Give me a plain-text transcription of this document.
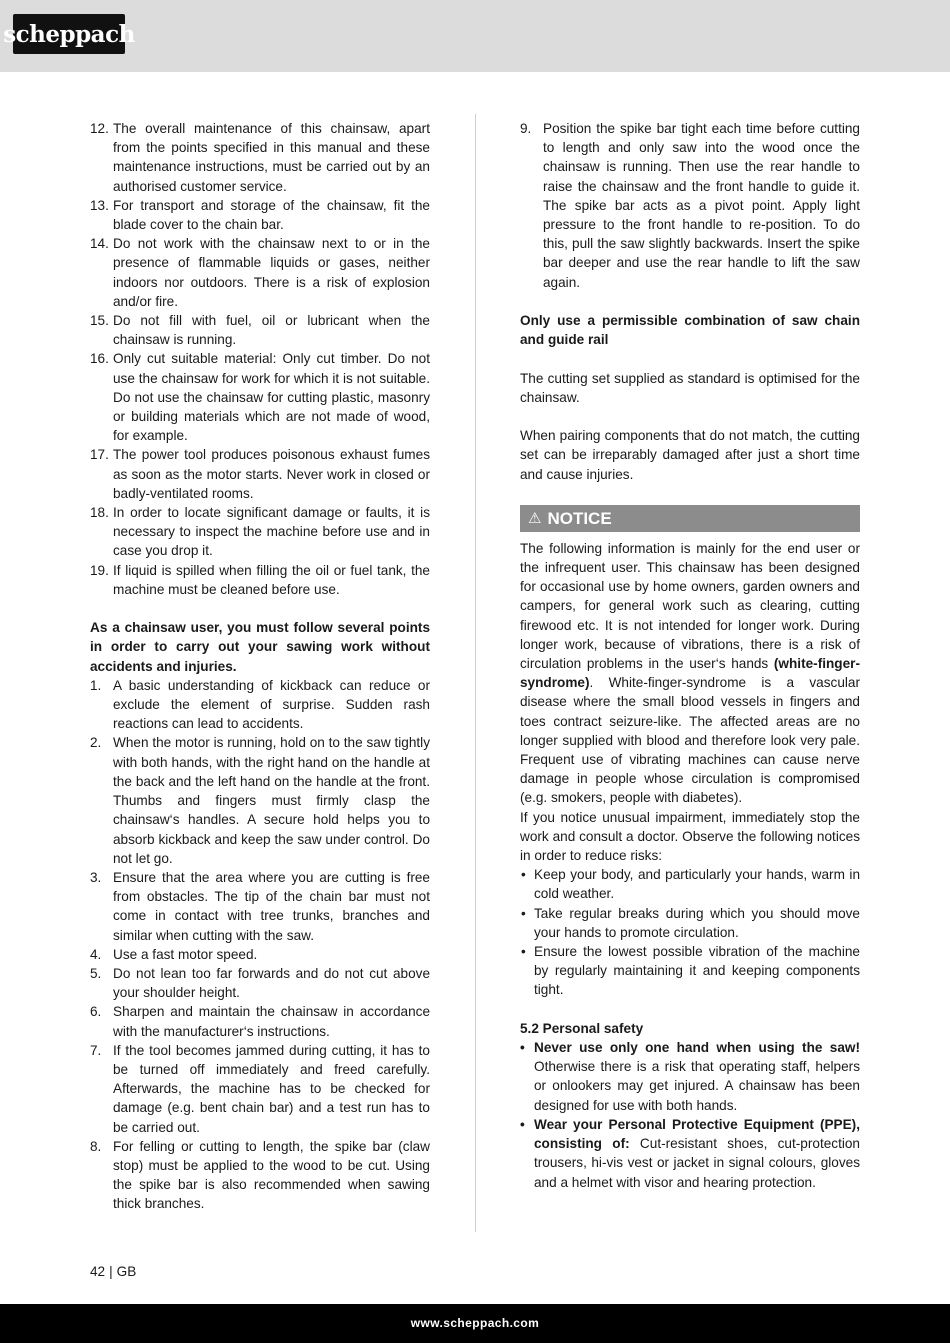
scheppach
12. The overall maintenance of this chainsaw, apart from the points specified in this manual and these maintenance instructions, must be carried out by an authorised customer service.
13. For transport and storage of the chainsaw, fit the blade cover to the chain bar.
14. Do not work with the chainsaw next to or in the presence of flammable liquids or gases, neither indoors nor outdoors. There is a risk of explosion and/or fire.
15. Do not fill with fuel, oil or lubricant when the chainsaw is running.
16. Only cut suitable material: Only cut timber. Do not use the chainsaw for work for which it is not suitable. Do not use the chainsaw for cutting plastic, masonry or building materials which are not made of wood, for example.
17. The power tool produces poisonous exhaust fumes as soon as the motor starts. Never work in closed or badly-ventilated rooms.
18. In order to locate significant damage or faults, it is necessary to inspect the machine before use and in case you drop it.
19. If liquid is spilled when filling the oil or fuel tank, the machine must be cleaned before use.

As a chainsaw user, you must follow several points in order to carry out your sawing work without accidents and injuries.

1. A basic understanding of kickback can reduce or exclude the element of surprise. Sudden rash reactions can lead to accidents.
2. When the motor is running, hold on to the saw tightly with both hands, with the right hand on the handle at the back and the left hand on the handle at the front. Thumbs and fingers must firmly clasp the chainsaw‘s handles. A secure hold helps you to absorb kickback and keep the saw under control. Do not let go.
3. Ensure that the area where you are cutting is free from obstacles. The tip of the chain bar must not come in contact with tree trunks, branches and similar when cutting with the saw.
4. Use a fast motor speed.
5. Do not lean too far forwards and do not cut above your shoulder height.
6. Sharpen and maintain the chainsaw in accordance with the manufacturer‘s instructions.
7. If the tool becomes jammed during cutting, it has to be turned off immediately and freed carefully. Afterwards, the machine has to be checked for damage (e.g. bent chain bar) and a test run has to be carried out.
8. For felling or cutting to length, the spike bar (claw stop) must be applied to the wood to be cut. Using the spike bar is also recommended when sawing thick branches.
9. Position the spike bar tight each time before cutting to length and only saw into the wood once the chainsaw is running. Then use the rear handle to raise the chainsaw and the front handle to guide it. The spike bar acts as a pivot point. Apply light pressure to the front handle to re-position. To do this, pull the saw slightly backwards. Insert the spike bar deeper and use the rear handle to lift the saw again.

Only use a permissible combination of saw chain and guide rail

The cutting set supplied as standard is optimised for the chainsaw.

When pairing components that do not match, the cutting set can be irreparably damaged after just a short time and cause injuries.

⚠ NOTICE

The following information is mainly for the end user or the infrequent user. This chainsaw has been designed for occasional use by home owners, garden owners and campers, for general work such as clearing, cutting firewood etc. It is not intended for longer work. During longer work, because of vibrations, there is a risk of circulation problems in the user‘s hands (white-finger-syndrome). White-finger-syndrome is a vascular disease where the small blood vessels in fingers and toes contract seizure-like. The affected areas are no longer supplied with blood and therefore look very pale. Frequent use of vibrating machines can cause nerve damage in people whose circulation is compromised (e.g. smokers, people with diabetes).

If you notice unusual impairment, immediately stop the work and consult a doctor. Observe the following notices in order to reduce risks:

• Keep your body, and particularly your hands, warm in cold weather.
• Take regular breaks during which you should move your hands to promote circulation.
• Ensure the lowest possible vibration of the machine by regularly maintaining it and keeping components tight.

5.2 Personal safety

• Never use only one hand when using the saw! Otherwise there is a risk that operating staff, helpers or onlookers may get injured. A chainsaw has been designed for use with both hands.
• Wear your Personal Protective Equipment (PPE), consisting of: Cut-resistant shoes, cut-protection trousers, hi-vis vest or jacket in signal colours, gloves and a helmet with visor and hearing protection.
42 | GB
www.scheppach.com
